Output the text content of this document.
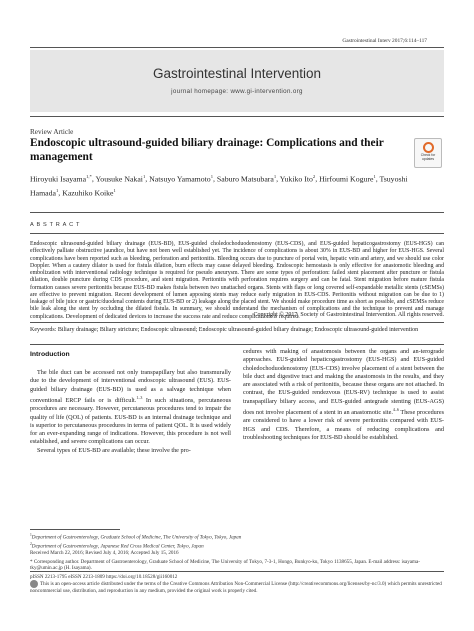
Gastrointestinal Interv 2017;6:114–117
Gastrointestinal Intervention
journal homepage: www.gi-intervention.org
Review Article
Endoscopic ultrasound-guided biliary drainage: Complications and their management	Check for
updates
Hiroyuki Isayama$^{1,*}$, Yousuke Nakai$^1$, Natsuyo Yamamoto$^1$, Saburo Matsubara$^1$, Yukiko Ito$^2$, Hirfoumi Kogure$^1$, Tsuyoshi Hamada$^1$, Kazuhiko Koike$^1$
ABSTRACT
Endoscopic ultrasound-guided biliary drainage (EUS-BD), EUS-guided choledochoduodenostomy (EUS-CDS), and EUS-guided hepaticogastrostomy (EUS-HGS) can effectively palliate obstructive jaundice, but have not been well established yet. The incidence of complications is about 30% in EUS-BD and higher for EUS-HGS. Several complications have been reported such as bleeding, perforation and peritonitis. Bleeding occurs due to puncture of portal vein, hepatic vein and artery, and we should use color Doppler. When a cautery dilator is used for fistula dilation, burn effects may cause delayed bleeding. Endoscopic hemostasis is only effective for anastomotic bleeding and embolization with interventional radiology technique is required for pseudo aneurysm. There are some types of perforation: failed stent placement after puncture or fistula dilation, double puncture during CDS procedure, and stent migration. Peritonitis with perforation requires surgery and can be fatal. Stent migration before mature fistula formation causes severe peritonitis because EUS-BD makes fistula between two unattached organs. Stents with flaps or long covered self-expandable metallic stents (cSEMSs) are effective to prevent migration. Recent development of lumen apposing stents may reduce early migration in EUS-CDS. Peritonitis without migration can be due to 1) leakage of bile juice or gastric/duodenal contents during EUS-BD or 2) leakage along the placed stent. We should make procedure time as short as possible, and cSEMSs reduce bile leak along the stent by occluding the dilated fistula. In summary, we should understand the mechanism of complications and the technique to prevent and manage complications. Development of dedicated devices to increase the success rate and reduce complications is required.
Copyright © 2017, Society of Gastrointestinal Intervention. All rights reserved.
Keywords: Biliary drainage; Biliary stricture; Endoscopic ultrasound; Endoscopic ultrasound-guided biliary drainage; Endoscopic ultrasound-guided intervention
Introduction

The bile duct can be accessed not only transpapillary but also transmurally due to the development of interventional endoscopic ultrasound (EUS). EUS-guided biliary drainage (EUS-BD) is used as a salvage technique when conventional ERCP fails or is difficult.$^{1-3}$ In such situations, percutaneous procedures are necessary. However, percutaneous procedures tend to impair the quality of life (QOL) of patients. EUS-BD is an internal drainage technique and is superior to percutaneous procedures in terms of patient QOL. It is used widely for an ever-expanding range of indications. However, this procedure is not well established, and severe complications can occur.

Several types of EUS-BD are available; these involve the pro-

cedures with making of anastomosis between the organs and an-terograde approaches. EUS-guided hepaticogastrostomy (EUS-HGS) and EUS-guided choledochoduodenostomy (EUS-CDS) involve placement of a stent between the bile duct and digestive tract and making the anastomosis in the results, and they are associated with a risk of peritonitis, because these organs are not attached. In contrast, the EUS-guided rendezvous (EUS-RV) technique is used to assist transpapillary biliary access, and EUS-guided antegrade stenting (EUS-AGS) does not involve placement of a stent in an anastomotic site.$^{4-6}$ These procedures are considered to have a lower risk of severe peritonitis compared with EUS-HGS and CDS. Therefore, a means of reducing complications and troubleshooting techniques for EUS-BD should be established.

$^1$Department of Gastroenterology, Graduate School of Medicine, The University of Tokyo, Tokyo, Japan
$^2$Department of Gastroenterology, Japanese Red Cross Medical Center, Tokyo, Japan
Received March 22, 2016; Revised July 4, 2016; Accepted July 15, 2016
* Corresponding author. Department of Gastroenterology, Graduate School of Medicine, The University of Tokyo, 7-3-1, Hongo, Bunkyo-ku, Tokyo 1138655, Japan. E-mail address: isayama-tky@umin.ac.jp (H. Isayama).
pISSN 2213-1795 eISSN 2213-1809 https://doi.org/10.18528/gii160012
This is an open-access article distributed under the terms of the Creative Commons Attribution Non-Commercial License (http://creativecommons.org/licenses/by-nc/3.0) which permits unrestricted noncommercial use, distribution, and reproduction in any medium, provided the original work is properly cited.
